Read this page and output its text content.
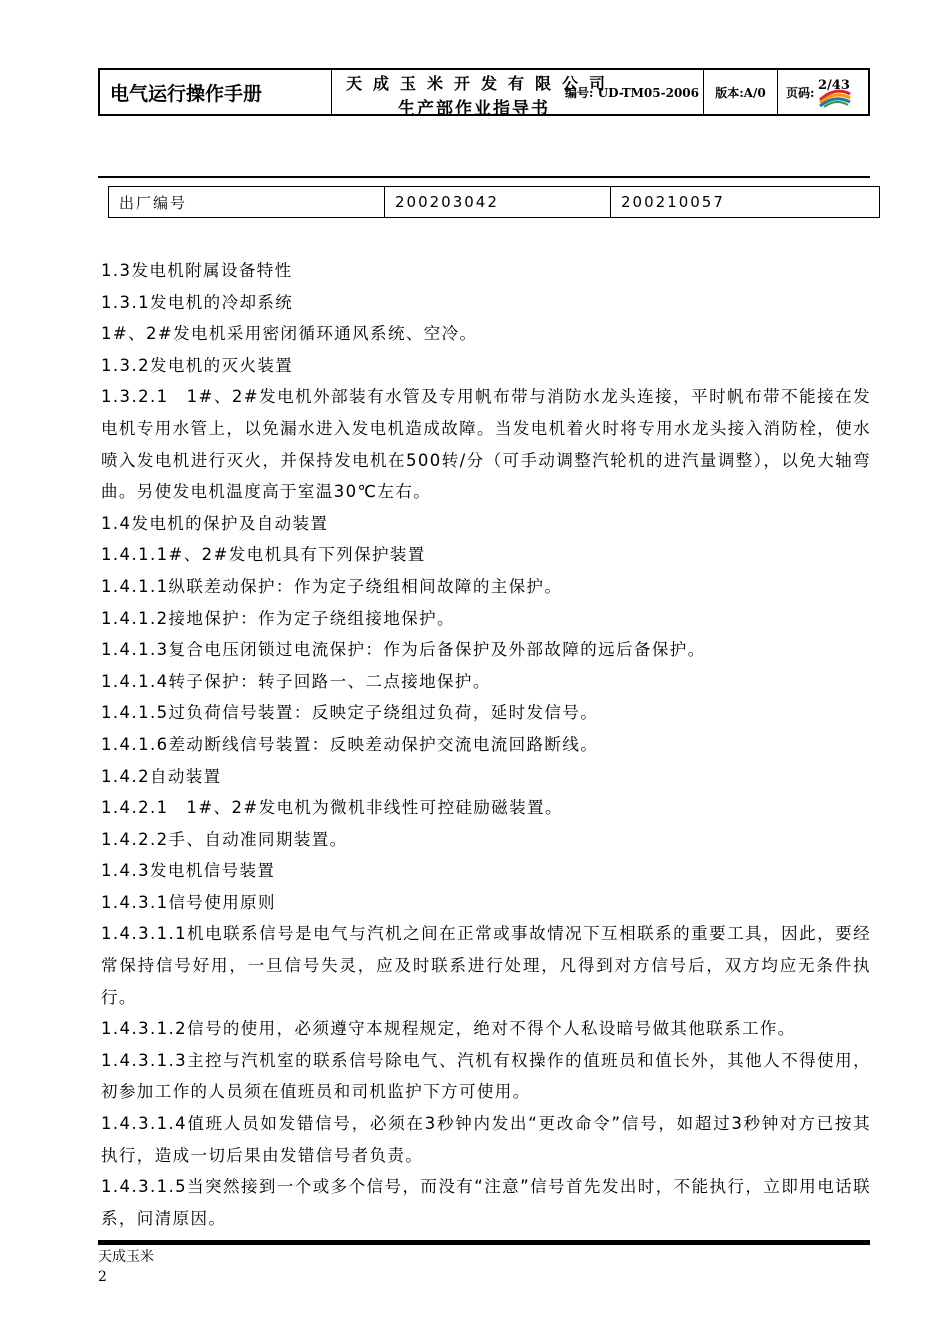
电气运行操作手册	天成玉米开发有限公司
编号: UD-TM05-2006
生产部作业指导书
版本:A/0	页码: 2/43
出厂编号	200203042	200210057

1.3发电机附属设备特性

1.3.1发电机的冷却系统

1#、2#发电机采用密闭循环通风系统、空冷。

1.3.2发电机的灭火装置

1.3.2.1　1#、2#发电机外部装有水管及专用帆布带与消防水龙头连接，平时帆布带不能接在发电机专用水管上，以免漏水进入发电机造成故障。当发电机着火时将专用水龙头接入消防栓，使水喷入发电机进行灭火，并保持发电机在500转/分（可手动调整汽轮机的进汽量调整），以免大轴弯曲。另使发电机温度高于室温30℃左右。

1.4发电机的保护及自动装置

1.4.1.1#、2#发电机具有下列保护装置

1.4.1.1纵联差动保护：作为定子绕组相间故障的主保护。

1.4.1.2接地保护：作为定子绕组接地保护。

1.4.1.3复合电压闭锁过电流保护：作为后备保护及外部故障的远后备保护。

1.4.1.4转子保护：转子回路一、二点接地保护。

1.4.1.5过负荷信号装置：反映定子绕组过负荷，延时发信号。

1.4.1.6差动断线信号装置：反映差动保护交流电流回路断线。

1.4.2自动装置

1.4.2.1　1#、2#发电机为微机非线性可控硅励磁装置。

1.4.2.2手、自动准同期装置。

1.4.3发电机信号装置

1.4.3.1信号使用原则

1.4.3.1.1机电联系信号是电气与汽机之间在正常或事故情况下互相联系的重要工具，因此，要经常保持信号好用，一旦信号失灵，应及时联系进行处理，凡得到对方信号后，双方均应无条件执行。

1.4.3.1.2信号的使用，必须遵守本规程规定，绝对不得个人私设暗号做其他联系工作。

1.4.3.1.3主控与汽机室的联系信号除电气、汽机有权操作的值班员和值长外，其他人不得使用，初参加工作的人员须在值班员和司机监护下方可使用。

1.4.3.1.4值班人员如发错信号，必须在3秒钟内发出“更改命令”信号，如超过3秒钟对方已按其执行，造成一切后果由发错信号者负责。

1.4.3.1.5当突然接到一个或多个信号，而没有“注意”信号首先发出时，不能执行，立即用电话联系，问清原因。

天成玉米
2
